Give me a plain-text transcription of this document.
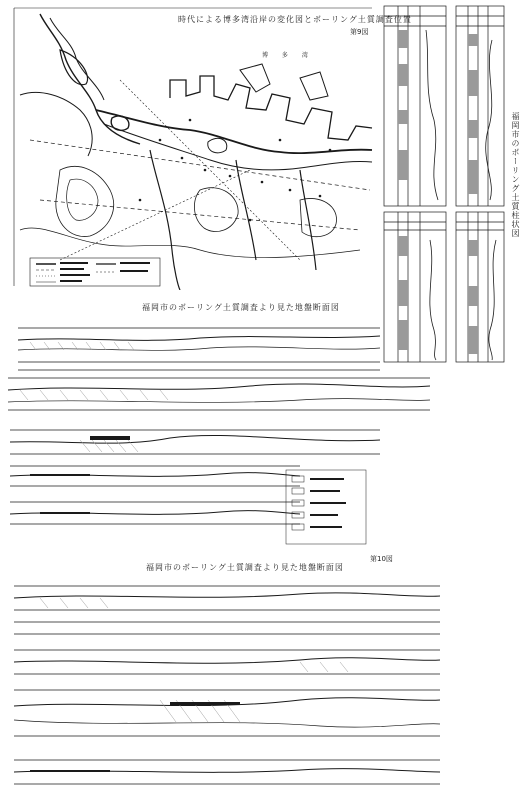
時代による博多湾沿岸の変化図とボーリング土質調査位置
第9図
博 多 湾
福岡市のボーリング土質柱状図
福岡市のボーリング土質調査より見た地盤断面図
福岡市のボーリング土質調査より見た地盤断面図
第10図
